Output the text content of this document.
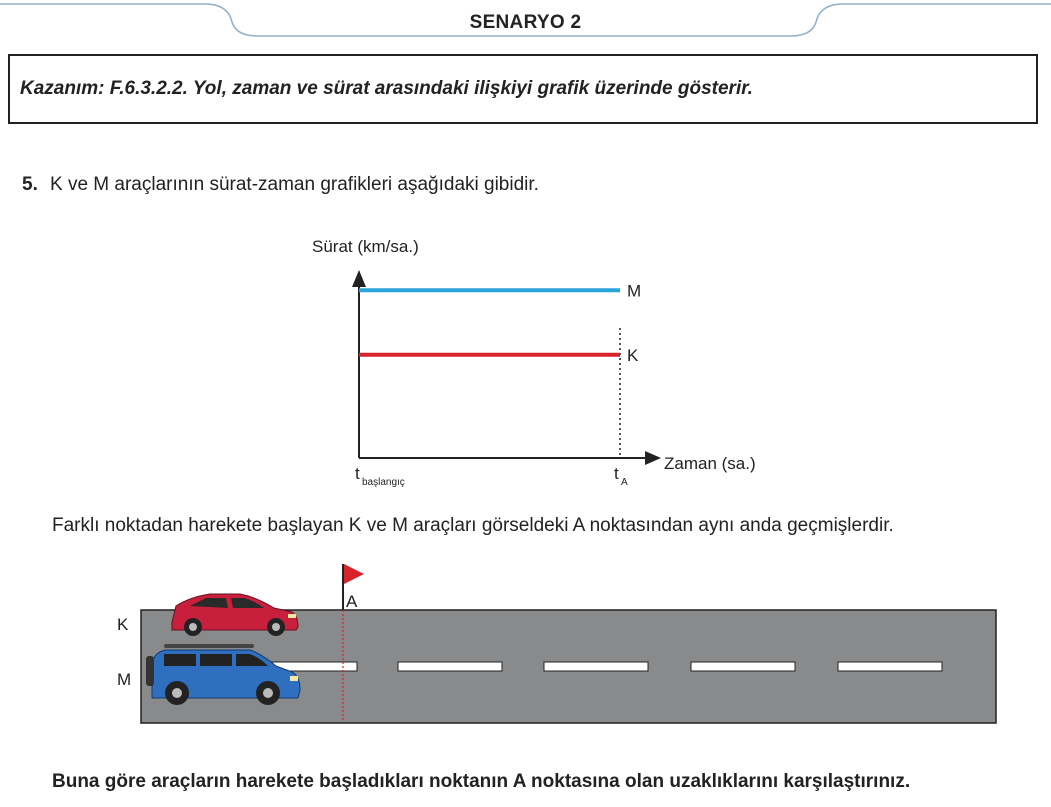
SENARYO 2
Kazanım: F.6.3.2.2. Yol, zaman ve sürat arasındaki ilişkiyi grafik üzerinde gösterir.
5. K ve M araçlarının sürat-zaman grafikleri aşağıdaki gibidir.
Sürat (km/sa.)
Zaman (sa.)
M
K
t başlangıç	t A
A
K
M
Farklı noktadan harekete başlayan K ve M araçları görseldeki A noktasından aynı anda geçmişlerdir.
Buna göre araçların harekete başladıkları noktanın A noktasına olan uzaklıklarını karşılaştırınız.
